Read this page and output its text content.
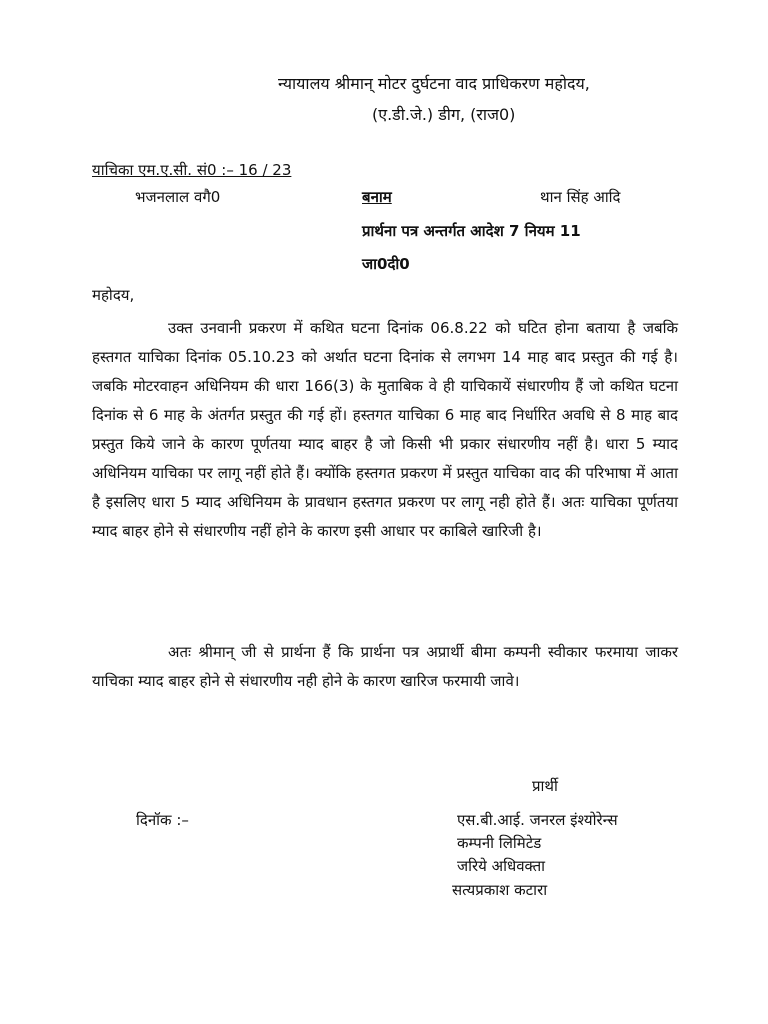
न्यायालय श्रीमान् मोटर दुर्घटना वाद प्राधिकरण महोदय,
(ए.डी.जे.) डीग, (राज0)
याचिका एम.ए.सी. सं0 :– 16 / 23
भजनलाल वगै0	बनाम	थान सिंह आदि
प्रार्थना पत्र अन्तर्गत आदेश 7 नियम 11
जा0दी0
महोदय,

उक्त उनवानी प्रकरण में कथित घटना दिनांक 06.8.22 को घटित होना बताया है जबकि हस्तगत याचिका दिनांक 05.10.23 को अर्थात घटना दिनांक से लगभग 14 माह बाद प्रस्तुत की गई है। जबकि मोटरवाहन अधिनियम की धारा 166(3) के मुताबिक वे ही याचिकायें संधारणीय हैं जो कथित घटना दिनांक से 6 माह के अंतर्गत प्रस्तुत की गई हों। हस्तगत याचिका 6 माह बाद निर्धारित अवधि से 8 माह बाद प्रस्तुत किये जाने के कारण पूर्णतया म्याद बाहर है जो किसी भी प्रकार संधारणीय नहीं है। धारा 5 म्याद अधिनियम याचिका पर लागू नहीं होते हैं। क्योंकि हस्तगत प्रकरण में प्रस्तुत याचिका वाद की परिभाषा में आता है इसलिए धारा 5 म्याद अधिनियम के प्रावधान हस्तगत प्रकरण पर लागू नही होते हैं। अतः याचिका पूर्णतया म्याद बाहर होने से संधारणीय नहीं होने के कारण इसी आधार पर काबिले खारिजी है।

अतः श्रीमान् जी से प्रार्थना हैं कि प्रार्थना पत्र अप्रार्थी बीमा कम्पनी स्वीकार फरमाया जाकर याचिका म्याद बाहर होने से संधारणीय नही होने के कारण खारिज फरमायी जावे।

प्रार्थी
दिनॉक :–	एस.बी.आई. जनरल इंश्योरेन्स
कम्पनी लिमिटेड
जरिये अधिवक्ता
सत्यप्रकाश कटारा
